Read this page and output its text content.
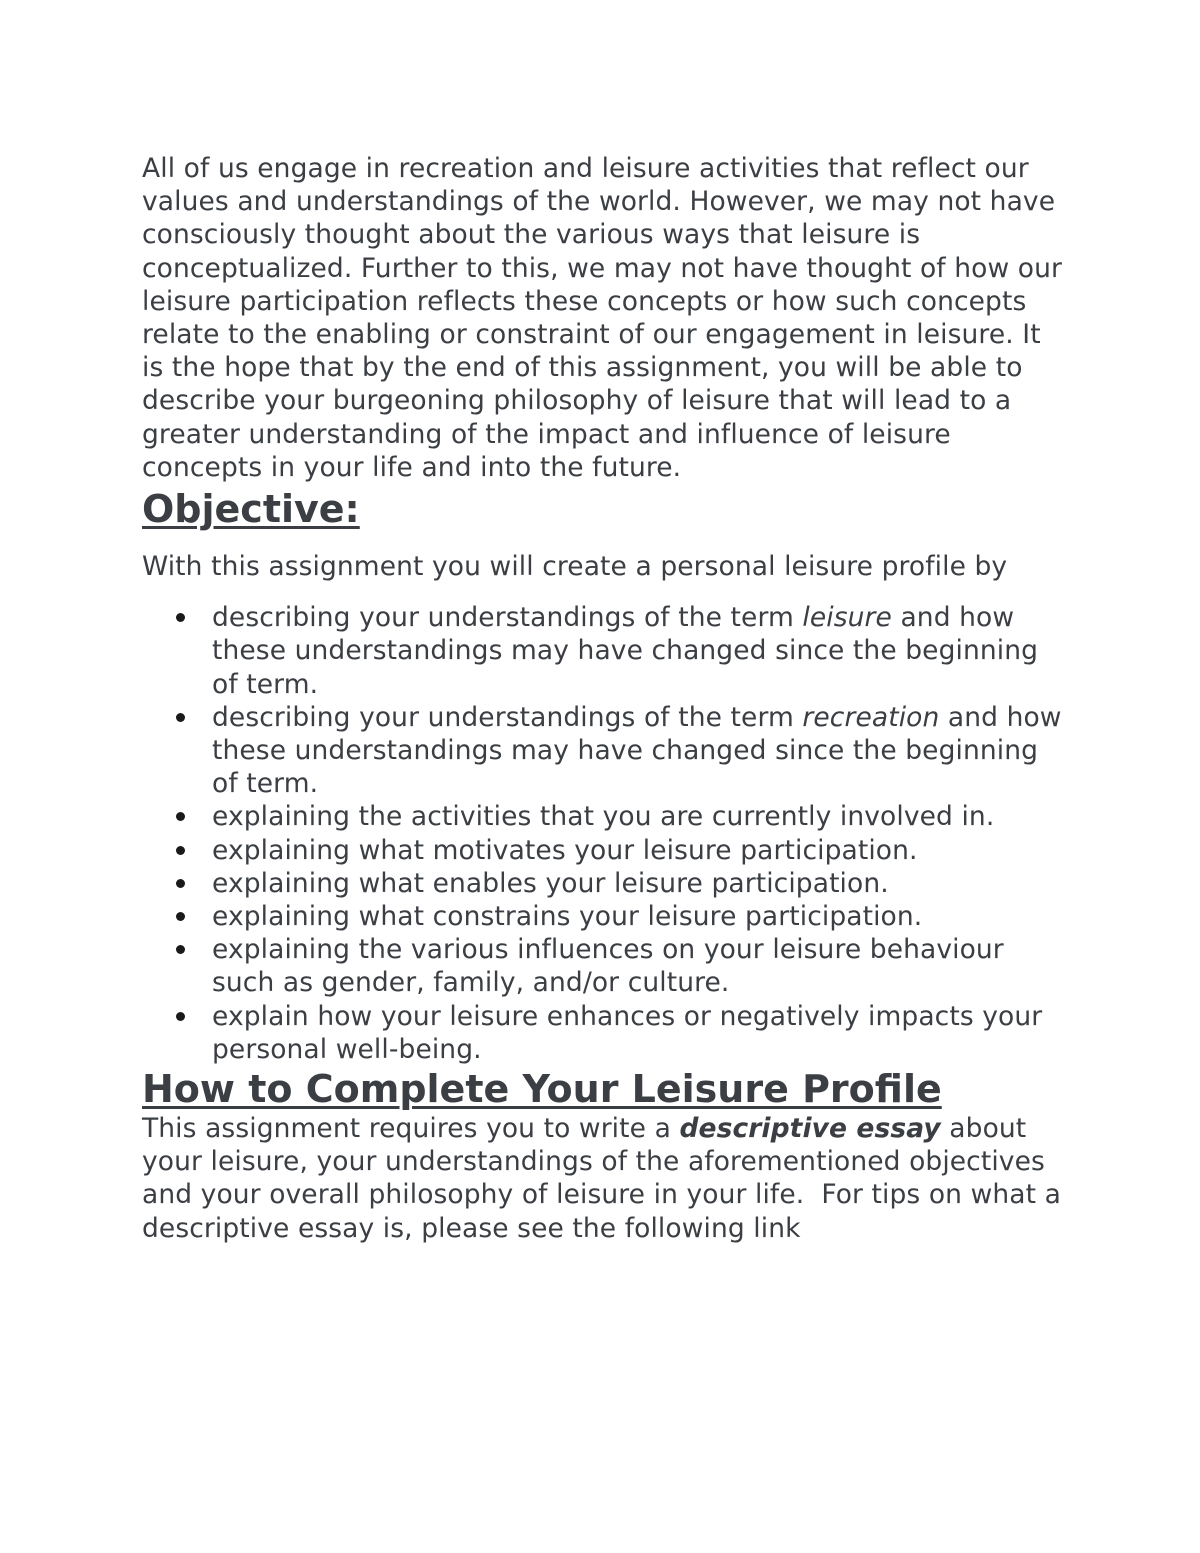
All of us engage in recreation and leisure activities that reflect our values and understandings of the world. However, we may not have consciously thought about the various ways that leisure is conceptualized. Further to this, we may not have thought of how our leisure participation reflects these concepts or how such concepts relate to the enabling or constraint of our engagement in leisure. It is the hope that by the end of this assignment, you will be able to describe your burgeoning philosophy of leisure that will lead to a greater understanding of the impact and influence of leisure concepts in your life and into the future.

Objective:

With this assignment you will create a personal leisure profile by

describing your understandings of the term leisure and how these understandings may have changed since the beginning of term.
describing your understandings of the term recreation and how these understandings may have changed since the beginning of term.
explaining the activities that you are currently involved in.
explaining what motivates your leisure participation.
explaining what enables your leisure participation.
explaining what constrains your leisure participation.
explaining the various influences on your leisure behaviour such as gender, family, and/or culture.
explain how your leisure enhances or negatively impacts your personal well-being.
How to Complete Your Leisure Profile

This assignment requires you to write a descriptive essay about your leisure, your understandings of the aforementioned objectives and your overall philosophy of leisure in your life.  For tips on what a descriptive essay is, please see the following link
